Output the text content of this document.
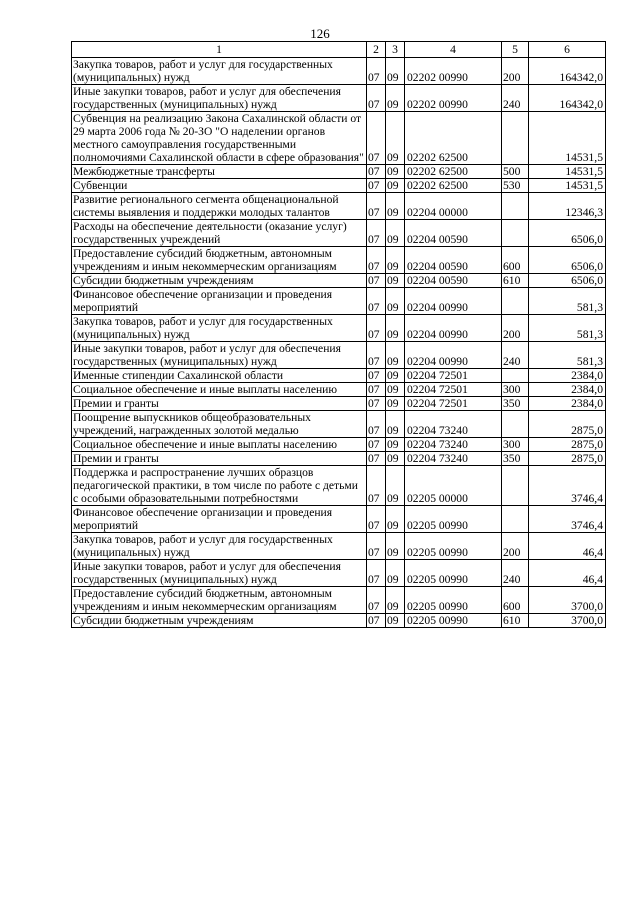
126
1	2	3	4	5	6
Закупка товаров, работ и услуг для государственных (муниципальных) нужд	07	09	02202 00990	200	164342,0
Иные закупки товаров, работ и услуг для обеспечения государственных (муниципальных) нужд	07	09	02202 00990	240	164342,0
Субвенция на реализацию Закона Сахалинской области от 29 марта 2006 года № 20-ЗО "О наделении органов местного самоуправления государственными полномочиями Сахалинской области в сфере образования"	07	09	02202 62500		14531,5
Межбюджетные трансферты	07	09	02202 62500	500	14531,5
Субвенции	07	09	02202 62500	530	14531,5
Развитие регионального сегмента общенациональной системы выявления и поддержки молодых талантов	07	09	02204 00000		12346,3
Расходы на обеспечение деятельности (оказание услуг) государственных учреждений	07	09	02204 00590		6506,0
Предоставление субсидий бюджетным, автономным учреждениям и иным некоммерческим организациям	07	09	02204 00590	600	6506,0
Субсидии бюджетным учреждениям	07	09	02204 00590	610	6506,0
Финансовое обеспечение организации и проведения мероприятий	07	09	02204 00990		581,3
Закупка товаров, работ и услуг для государственных (муниципальных) нужд	07	09	02204 00990	200	581,3
Иные закупки товаров, работ и услуг для обеспечения государственных (муниципальных) нужд	07	09	02204 00990	240	581,3
Именные стипендии Сахалинской области	07	09	02204 72501		2384,0
Социальное обеспечение и иные выплаты населению	07	09	02204 72501	300	2384,0
Премии и гранты	07	09	02204 72501	350	2384,0
Поощрение выпускников общеобразовательных учреждений, награжденных золотой медалью	07	09	02204 73240		2875,0
Социальное обеспечение и иные выплаты населению	07	09	02204 73240	300	2875,0
Премии и гранты	07	09	02204 73240	350	2875,0
Поддержка и распространение лучших образцов педагогической практики, в том числе по работе с детьми с особыми образовательными потребностями	07	09	02205 00000		3746,4
Финансовое обеспечение организации и проведения мероприятий	07	09	02205 00990		3746,4
Закупка товаров, работ и услуг для государственных (муниципальных) нужд	07	09	02205 00990	200	46,4
Иные закупки товаров, работ и услуг для обеспечения государственных (муниципальных) нужд	07	09	02205 00990	240	46,4
Предоставление субсидий бюджетным, автономным учреждениям и иным некоммерческим организациям	07	09	02205 00990	600	3700,0
Субсидии бюджетным учреждениям	07	09	02205 00990	610	3700,0
